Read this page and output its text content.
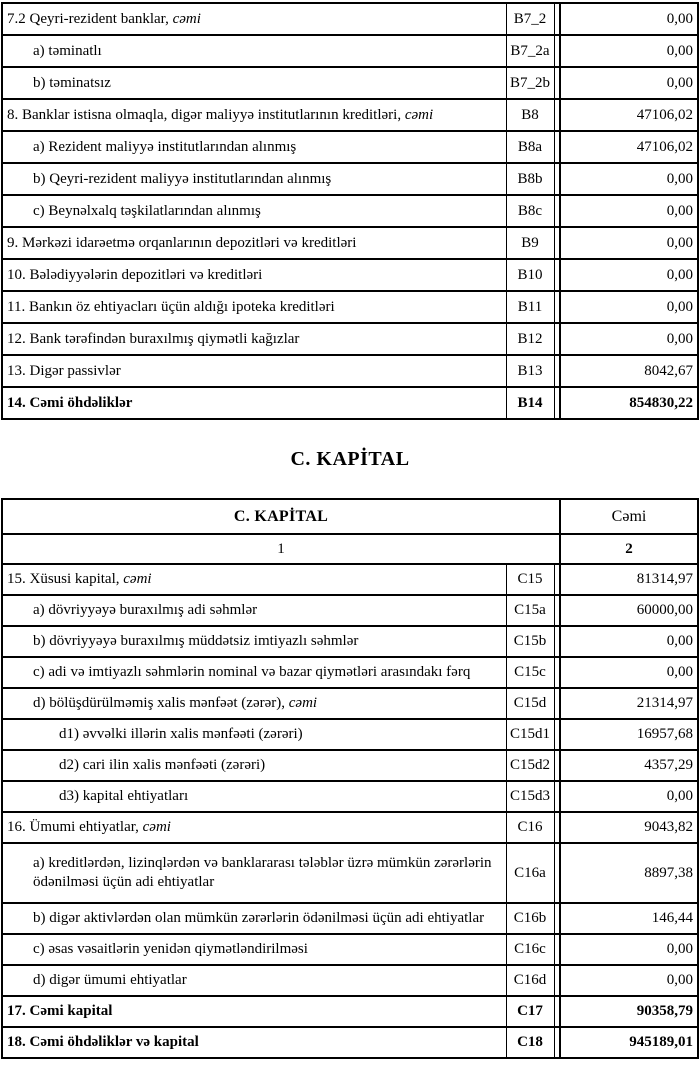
7.2 Qeyri-rezident banklar, cəmi	B7_2		0,00
a) təminatlı	B7_2a		0,00
b) təminatsız	B7_2b		0,00
8. Banklar istisna olmaqla, digər maliyyə institutlarının kreditləri, cəmi	B8		47106,02
a) Rezident maliyyə institutlarından alınmış	B8a		47106,02
b) Qeyri-rezident maliyyə institutlarından alınmış	B8b		0,00
c) Beynəlxalq təşkilatlarından alınmış	B8c		0,00
9. Mərkəzi idarəetmə orqanlarının depozitləri və kreditləri	B9		0,00
10. Bələdiyyələrin depozitləri və kreditləri	B10		0,00
11. Bankın öz ehtiyacları üçün aldığı ipoteka kreditləri	B11		0,00
12. Bank tərəfindən buraxılmış qiymətli kağızlar	B12		0,00
13. Digər passivlər	B13		8042,67
14. Cəmi öhdəliklər	B14		854830,22
C. KAPİTAL
C. KAPİTAL			Cəmi
1			2
15. Xüsusi kapital, cəmi	C15		81314,97
a) dövriyyəyə buraxılmış adi səhmlər	C15a		60000,00
b) dövriyyəyə buraxılmış müddətsiz imtiyazlı səhmlər	C15b		0,00
c) adi və imtiyazlı səhmlərin nominal və bazar qiymətləri arasındakı fərq	C15c		0,00
d) bölüşdürülməmiş xalis mənfəət (zərər), cəmi	C15d		21314,97
d1) əvvəlki illərin xalis mənfəəti (zərəri)	C15d1		16957,68
d2) cari ilin xalis mənfəəti (zərəri)	C15d2		4357,29
d3) kapital ehtiyatları	C15d3		0,00
16. Ümumi ehtiyatlar, cəmi	C16		9043,82
a) kreditlərdən, lizinqlərdən və banklararası tələblər üzrə mümkün zərərlərin ödənilməsi üçün adi ehtiyatlar	C16a		8897,38
b) digər aktivlərdən olan mümkün zərərlərin ödənilməsi üçün adi ehtiyatlar	C16b		146,44
c) əsas vəsaitlərin yenidən qiymətləndirilməsi	C16c		0,00
d) digər ümumi ehtiyatlar	C16d		0,00
17. Cəmi kapital	C17		90358,79
18. Cəmi öhdəliklər və kapital	C18		945189,01
